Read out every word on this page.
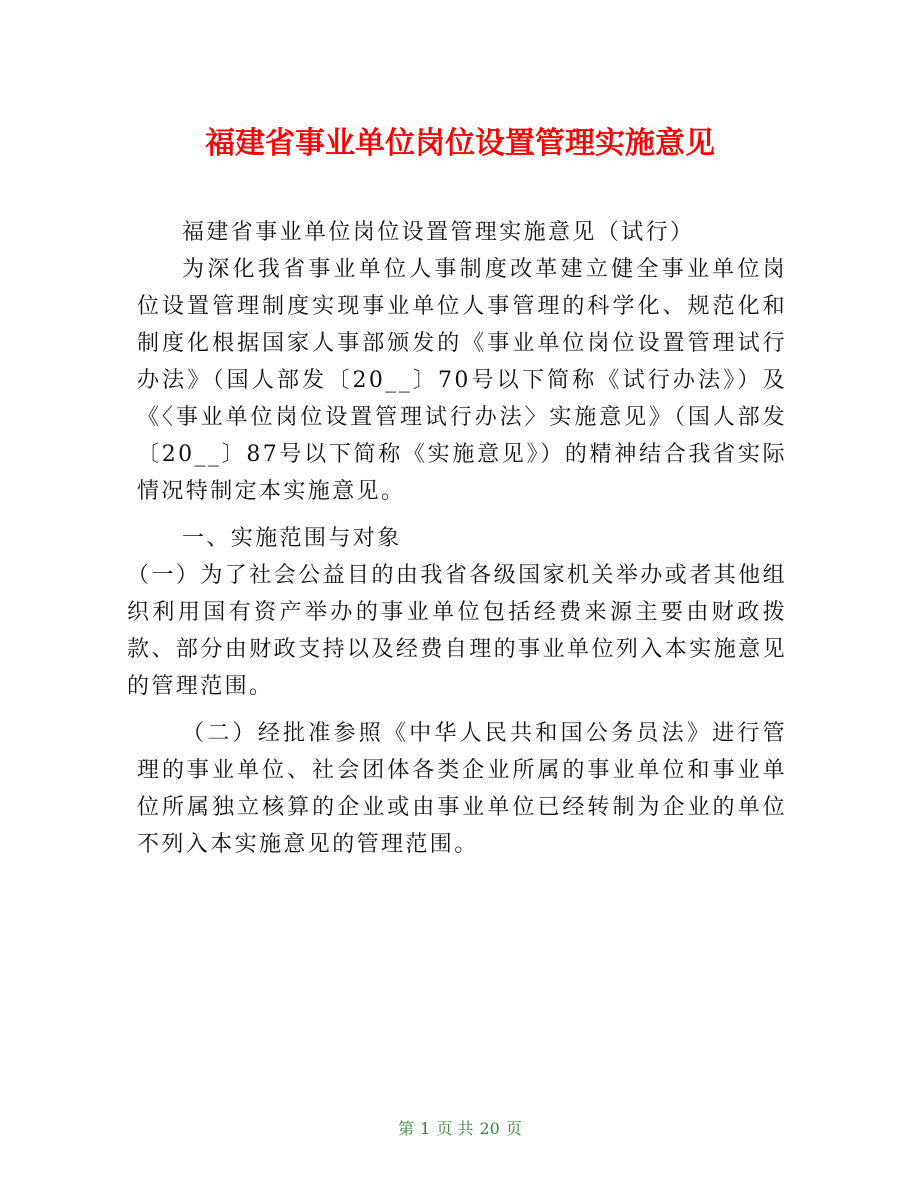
福建省事业单位岗位设置管理实施意见

福建省事业单位岗位设置管理实施意见（试行）

为深化我省事业单位人事制度改革建立健全事业单位岗位设置管理制度实现事业单位人事管理的科学化、规范化和制度化根据国家人事部颁发的《事业单位岗位设置管理试行办法》（国人部发〔20__〕70号以下简称《试行办法》）及《〈事业单位岗位设置管理试行办法〉实施意见》（国人部发〔20__〕87号以下简称《实施意见》）的精神结合我省实际情况特制定本实施意见。

一、实施范围与对象

（一）为了社会公益目的由我省各级国家机关举办或者其他组织利用国有资产举办的事业单位包括经费来源主要由财政拨款、部分由财政支持以及经费自理的事业单位列入本实施意见的管理范围。

（二）经批准参照《中华人民共和国公务员法》进行管理的事业单位、社会团体各类企业所属的事业单位和事业单位所属独立核算的企业或由事业单位已经转制为企业的单位不列入本实施意见的管理范围。

第 1 页 共 20 页
